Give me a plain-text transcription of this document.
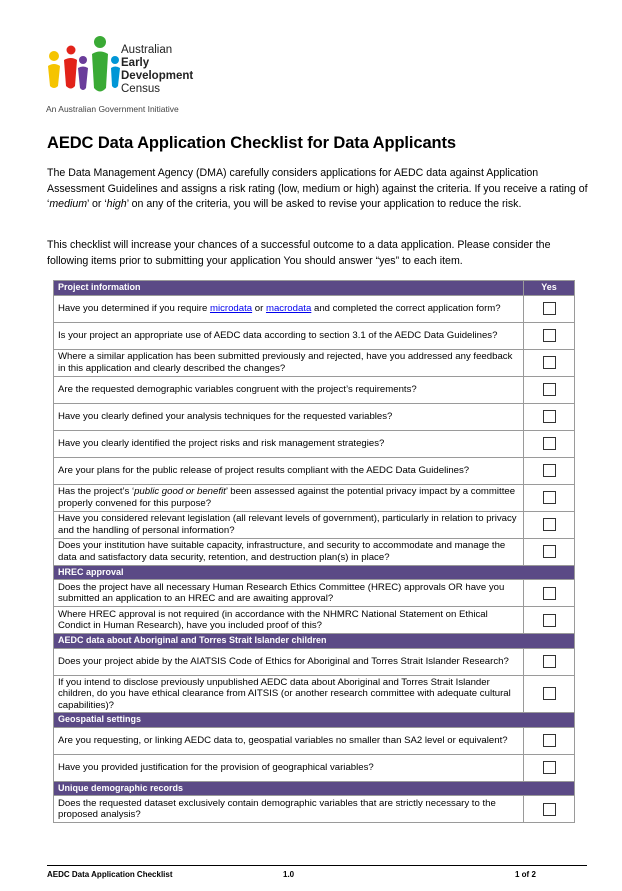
Australian
Early
Development
Census
An Australian Government Initiative
AEDC Data Application Checklist for Data Applicants

The Data Management Agency (DMA) carefully considers applications for AEDC data against Application Assessment Guidelines and assigns a risk rating (low, medium or high) against the criteria. If you receive a rating of ‘medium’ or ‘high’ on any of the criteria, you will be asked to revise your application to reduce the risk.

This checklist will increase your chances of a successful outcome to a data application. Please consider the following items prior to submitting your application You should answer “yes” to each item.

Project information	Yes
Have you determined if you require microdata or macrodata and completed the correct application form?	
Is your project an appropriate use of AEDC data according to section 3.1 of the AEDC Data Guidelines?	
Where a similar application has been submitted previously and rejected, have you addressed any feedback in this application and clearly described the changes?	
Are the requested demographic variables congruent with the project’s requirements?	
Have you clearly defined your analysis techniques for the requested variables?	
Have you clearly identified the project risks and risk management strategies?	
Are your plans for the public release of project results compliant with the AEDC Data Guidelines?	
Has the project’s ‘public good or benefit’ been assessed against the potential privacy impact by a committee properly convened for this purpose?	
Have you considered relevant legislation (all relevant levels of government), particularly in relation to privacy and the handling of personal information?	
Does your institution have suitable capacity, infrastructure, and security to accommodate and manage the data and satisfactory data security, retention, and destruction plan(s) in place?	
HREC approval	
Does the project have all necessary Human Research Ethics Committee (HREC) approvals OR have you submitted an application to an HREC and are awaiting approval?	
Where HREC approval is not required (in accordance with the NHMRC National Statement on Ethical Condict in Human Research), have you included proof of this?	
AEDC data about Aboriginal and Torres Strait Islander children	
Does your project abide by the AIATSIS Code of Ethics for Aboriginal and Torres Strait Islander Research?	
If you intend to disclose previously unpublished AEDC data about Aboriginal and Torres Strait Islander children, do you have ethical clearance from AITSIS (or another research committee with adequate cultural capabilities)?	
Geospatial settings	
Are you requesting, or linking AEDC data to, geospatial variables no smaller than SA2 level or equivalent?	
Have you provided justification for the provision of geographical variables?	
Unique demographic records	
Does the requested dataset exclusively contain demographic variables that are strictly necessary to the proposed analysis?	
AEDC Data Application Checklist	1.0	1 of 2
